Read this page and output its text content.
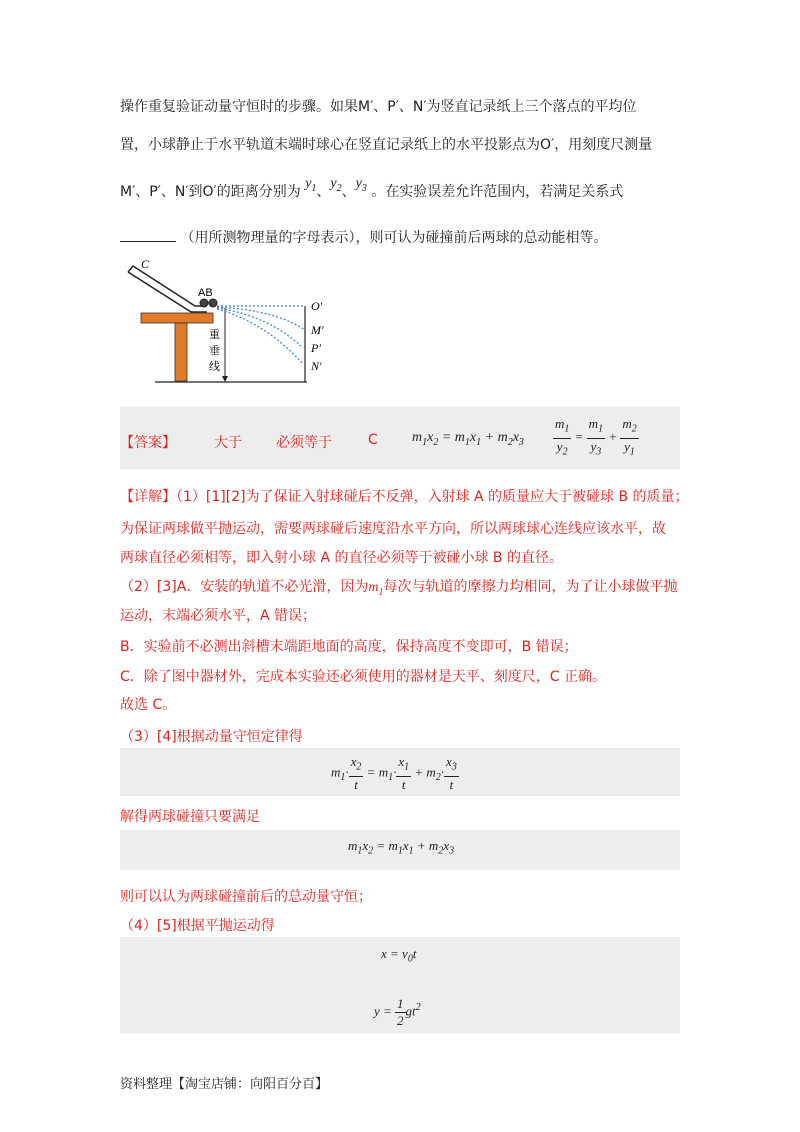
操作重复验证动量守恒时的步骤。如果M′、P′、N′为竖直记录纸上三个落点的平均位
置，小球静止于水平轨道末端时球心在竖直记录纸上的水平投影点为O′，用刻度尺测量
M′、P′、N′到O′的距离分别为 $y_1$、$y_2$、$y_3$ 。在实验误差允许范围内，若满足关系式
（用所测物理量的字母表示），则可认为碰撞前后两球的总动能相等。
C
AB
重
垂
线
O′
M′
P′
N′
【答案】	大于 必须等于	C $m_1x_2 = m_1x_1 + m_2x_3 \frac{m_1}{y_2} = \frac{m_1}{y_3} + \frac{m_2}{y_1}$
【详解】（1）[1][2]为了保证入射球碰后不反弹，入射球 A 的质量应大于被碰球 B 的质量；
为保证两球做平抛运动，需要两球碰后速度沿水平方向，所以两球球心连线应该水平，故
两球直径必须相等，即入射小球 A 的直径必须等于被碰小球 B 的直径。
（2）[3]A．安装的轨道不必光滑，因为$m_1$每次与轨道的摩擦力均相同，为了让小球做平抛
运动，末端必须水平，A 错误；
B．实验前不必测出斜槽末端距地面的高度，保持高度不变即可，B 错误；
C．除了图中器材外，完成本实验还必须使用的器材是天平、刻度尺，C 正确。
故选 C。
（3）[4]根据动量守恒定律得
$m_1\cdot \frac{x_2}{t} = m_1\cdot \frac{x_1}{t} + m_2\cdot \frac{x_3}{t}$
解得两球碰撞只要满足
$m_1x_2 = m_1x_1 + m_2x_3$
则可以认为两球碰撞前后的总动量守恒；
（4）[5]根据平抛运动得
$x = v_0t$
$y = \frac{1}{2} gt^2$
资料整理【淘宝店铺：向阳百分百】
